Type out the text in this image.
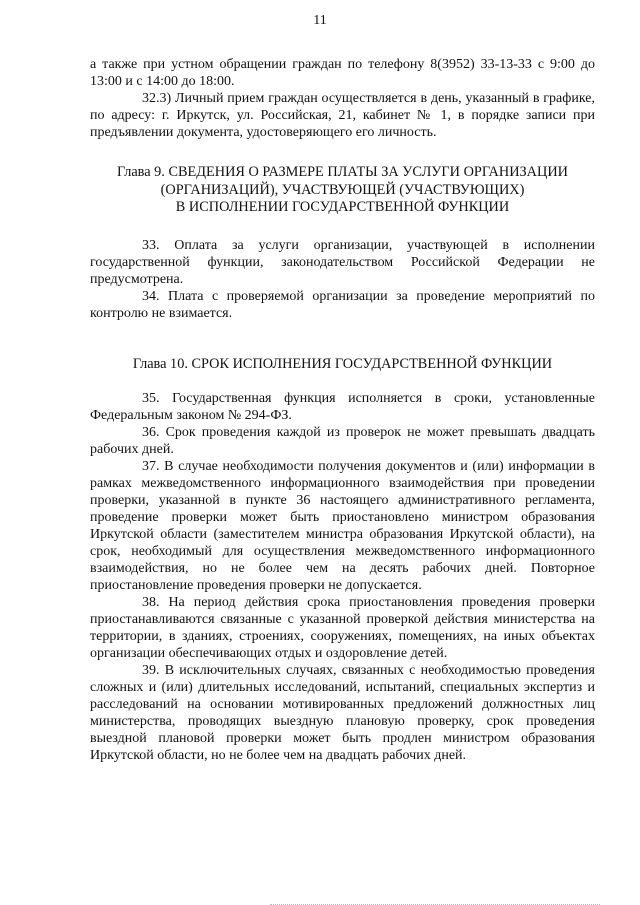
11

а также при устном обращении граждан по телефону 8(3952) 33-13-33 с 9:00 до 13:00 и с 14:00 до 18:00.

32.3) Личный прием граждан осуществляется в день, указанный в графике, по адресу: г. Иркутск, ул. Российская, 21, кабинет № 1, в порядке записи при предъявлении документа, удостоверяющего его личность.

Глава 9. СВЕДЕНИЯ О РАЗМЕРЕ ПЛАТЫ ЗА УСЛУГИ ОРГАНИЗАЦИИ
(ОРГАНИЗАЦИЙ), УЧАСТВУЮЩЕЙ (УЧАСТВУЮЩИХ)
В ИСПОЛНЕНИИ ГОСУДАРСТВЕННОЙ ФУНКЦИИ

33. Оплата за услуги организации, участвующей в исполнении государственной функции, законодательством Российской Федерации не предусмотрена.

34. Плата с проверяемой организации за проведение мероприятий по контролю не взимается.

Глава 10. СРОК ИСПОЛНЕНИЯ ГОСУДАРСТВЕННОЙ ФУНКЦИИ

35. Государственная функция исполняется в сроки, установленные Федеральным законом № 294-ФЗ.

36. Срок проведения каждой из проверок не может превышать двадцать рабочих дней.

37. В случае необходимости получения документов и (или) информации в рамках межведомственного информационного взаимодействия при проведении проверки, указанной в пункте 36 настоящего административного регламента, проведение проверки может быть приостановлено министром образования Иркутской области (заместителем министра образования Иркутской области), на срок, необходимый для осуществления межведомственного информационного взаимодействия, но не более чем на десять рабочих дней. Повторное приостановление проведения проверки не допускается.

38. На период действия срока приостановления проведения проверки приостанавливаются связанные с указанной проверкой действия министерства на территории, в зданиях, строениях, сооружениях, помещениях, на иных объектах организации обеспечивающих отдых и оздоровление детей.

39. В исключительных случаях, связанных с необходимостью проведения сложных и (или) длительных исследований, испытаний, специальных экспертиз и расследований на основании мотивированных предложений должностных лиц министерства, проводящих выездную плановую проверку, срок проведения выездной плановой проверки может быть продлен министром образования Иркутской области, но не более чем на двадцать рабочих дней.
